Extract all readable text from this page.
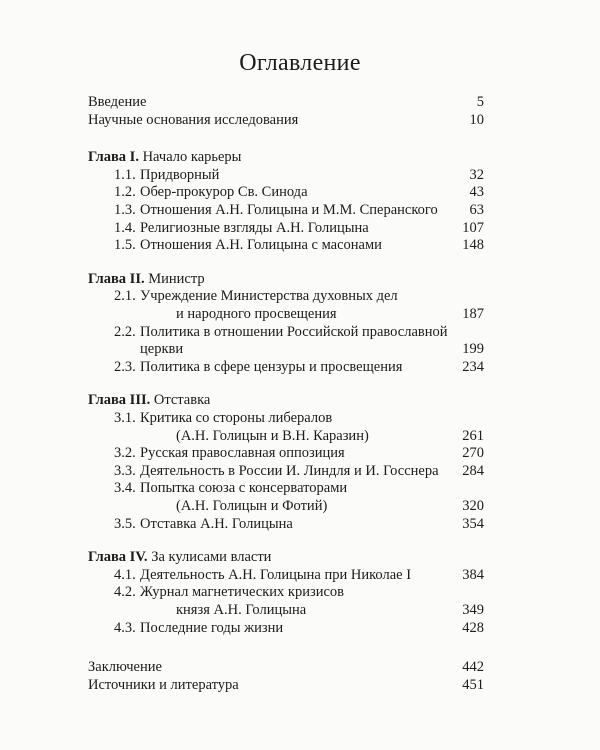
Оглавление
Введение	5
Научные основания исследования	10
Глава I. Начало карьеры
1.1. Придворный	32
1.2. Обер-прокурор Св. Синода	43
1.3. Отношения А.Н. Голицына и М.М. Сперанского 63
1.4. Религиозные взгляды А.Н. Голицына	107
1.5. Отношения А.Н. Голицына с масонами	148
Глава II. Министр
2.1. Учреждение Министерства духовных дел
и народного просвещения	187
2.2. Политика в отношении Российской православной
церкви	199
2.3. Политика в сфере цензуры и просвещения	234
Глава III. Отставка
3.1. Критика со стороны либералов
(А.Н. Голицын и В.Н. Каразин)	261
3.2. Русская православная оппозиция	270
3.3. Деятельность в России И. Линдля и И. Госснера 284
3.4. Попытка союза с консерваторами
(А.Н. Голицын и Фотий)	320
3.5. Отставка А.Н. Голицына	354
Глава IV. За кулисами власти
4.1. Деятельность А.Н. Голицына при Николае I	384
4.2. Журнал магнетических кризисов
князя А.Н. Голицына	349
4.3. Последние годы жизни	428
Заключение	442
Источники и литература	451
